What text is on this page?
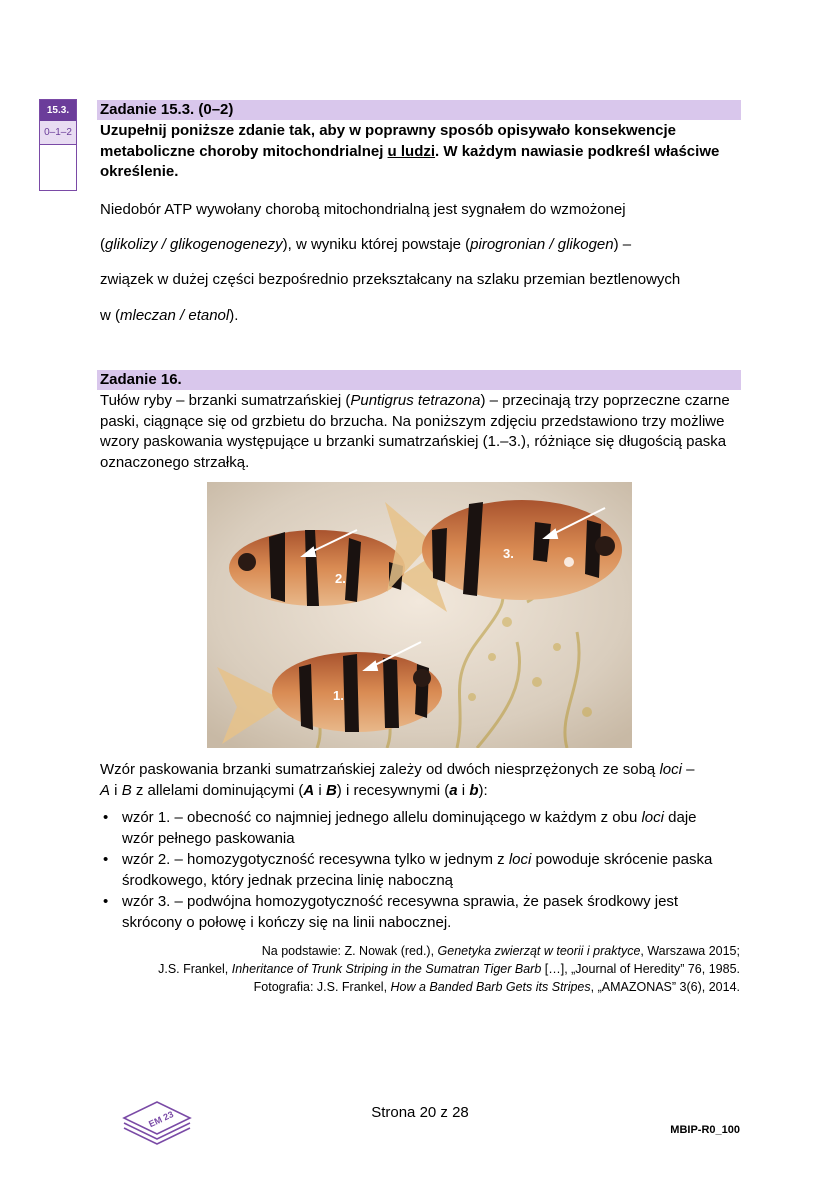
15.3.
0–1–2
Zadanie 15.3. (0–2)
Uzupełnij poniższe zdanie tak, aby w poprawny sposób opisywało konsekwencje metaboliczne choroby mitochondrialnej u ludzi. W każdym nawiasie podkreśl właściwe określenie.
Niedobór ATP wywołany chorobą mitochondrialną jest sygnałem do wzmożonej
(glikolizy / glikogenogenezy), w wyniku której powstaje (pirogronian / glikogen) –
związek w dużej części bezpośrednio przekształcany na szlaku przemian beztlenowych
w (mleczan / etanol).
Zadanie 16.
Tułów ryby – brzanki sumatrzańskiej (Puntigrus tetrazona) – przecinają trzy poprzeczne czarne paski, ciągnące się od grzbietu do brzucha. Na poniższym zdjęciu przedstawiono trzy możliwe wzory paskowania występujące u brzanki sumatrzańskiej (1.–3.), różniące się długością paska oznaczonego strzałką.
2.
3.
1.
Wzór paskowania brzanki sumatrzańskiej zależy od dwóch niesprzężonych ze sobą loci –
A i B z allelami dominującymi (A i B) i recesywnymi (a i b):
• wzór 1. – obecność co najmniej jednego allelu dominującego w każdym z obu loci daje wzór pełnego paskowania
• wzór 2. – homozygotyczność recesywna tylko w jednym z loci powoduje skrócenie paska środkowego, który jednak przecina linię naboczną
• wzór 3. – podwójna homozygotyczność recesywna sprawia, że pasek środkowy jest skrócony o połowę i kończy się na linii nabocznej.
Na podstawie: Z. Nowak (red.), Genetyka zwierząt w teorii i praktyce, Warszawa 2015;
J.S. Frankel, Inheritance of Trunk Striping in the Sumatran Tiger Barb […], „Journal of Heredity” 76, 1985.
Fotografia: J.S. Frankel, How a Banded Barb Gets its Stripes, „AMAZONAS” 3(6), 2014.
EM 23	Strona 20 z 28
MBIP-R0_100
